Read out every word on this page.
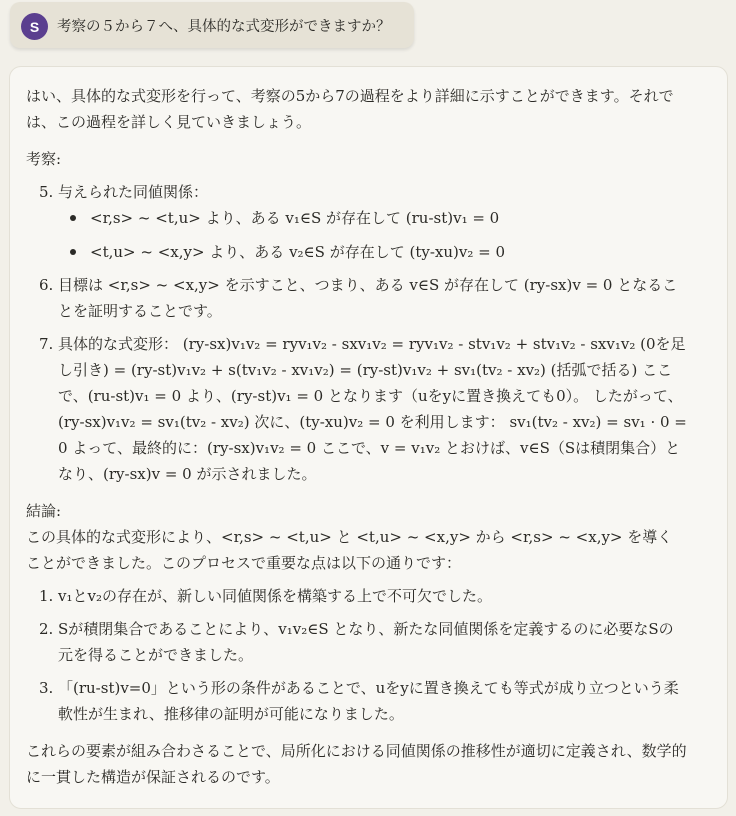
S	考察の５から７へ、具体的な式変形ができますか？

はい、具体的な式変形を行って、考察の5から7の過程をより詳細に示すことができます。それでは、この過程を詳しく見ていきましょう。

考察:

5. 与えられた同値関係：
<r,s> ~ <t,u> より、ある v₁∈S が存在して (ru-st)v₁ = 0
<t,u> ~ <x,y> より、ある v₂∈S が存在して (ty-xu)v₂ = 0
6. 目標は <r,s> ~ <x,y> を示すこと、つまり、ある v∈S が存在して (ry-sx)v = 0 となることを証明することです。
7. 具体的な式変形： (ry-sx)v₁v₂ = ryv₁v₂ - sxv₁v₂ = ryv₁v₂ - stv₁v₂ + stv₁v₂ - sxv₁v₂ (0を足し引き) = (ry-st)v₁v₂ + s(tv₁v₂ - xv₁v₂) = (ry-st)v₁v₂ + sv₁(tv₂ - xv₂) (括弧で括る) ここで、(ru-st)v₁ = 0 より、(ry-st)v₁ = 0 となります（uをyに置き換えても0）。 したがって、 (ry-sx)v₁v₂ = sv₁(tv₂ - xv₂) 次に、(ty-xu)v₂ = 0 を利用します： sv₁(tv₂ - xv₂) = sv₁ · 0 = 0 よって、最終的に：(ry-sx)v₁v₂ = 0 ここで、v = v₁v₂ とおけば、v∈S（Sは積閉集合）となり、(ry-sx)v = 0 が示されました。

結論:

この具体的な式変形により、<r,s> ~ <t,u> と <t,u> ~ <x,y> から <r,s> ~ <x,y> を導くことができました。このプロセスで重要な点は以下の通りです：

1. v₁とv₂の存在が、新しい同値関係を構築する上で不可欠でした。
2. Sが積閉集合であることにより、v₁v₂∈S となり、新たな同値関係を定義するのに必要なSの元を得ることができました。
3. 「(ru-st)v=0」という形の条件があることで、uをyに置き換えても等式が成り立つという柔軟性が生まれ、推移律の証明が可能になりました。

これらの要素が組み合わさることで、局所化における同値関係の推移性が適切に定義され、数学的に一貫した構造が保証されるのです。
